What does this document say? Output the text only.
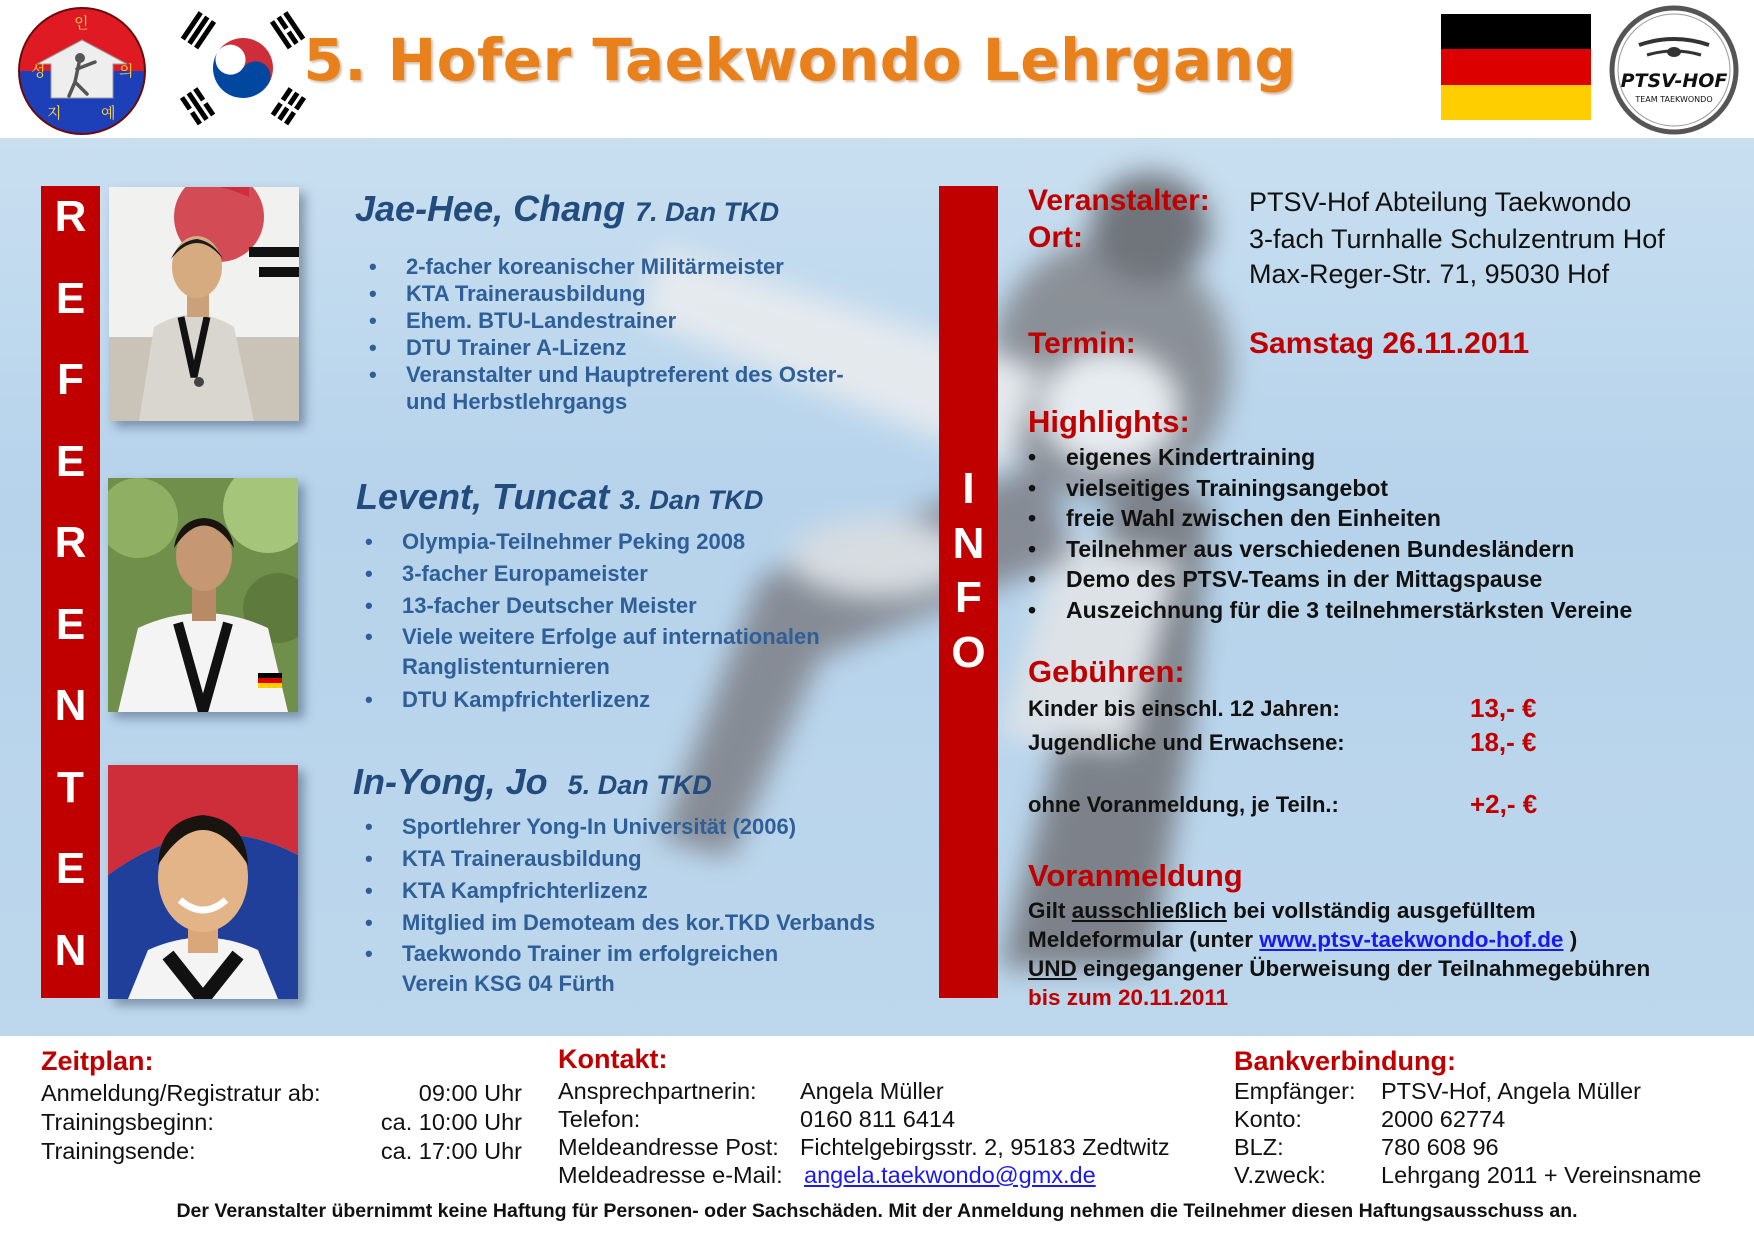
성
인
의
지	예
5. Hofer Taekwondo Lehrgang	PTSV-HOF
TEAM TAEKWONDO
R
E
F
E
R
E
N
T
E
N
I
N
F
O
Jae-Hee, Chang 7. Dan TKD
• 2-facher koreanischer Militärmeister
• KTA Trainerausbildung
• Ehem. BTU-Landestrainer
• DTU Trainer A-Lizenz
• Veranstalter und Hauptreferent des Oster-
und Herbstlehrgangs
Levent, Tuncat 3. Dan TKD
• Olympia-Teilnehmer Peking 2008
• 3-facher Europameister
• 13-facher Deutscher Meister
• Viele weitere Erfolge auf internationalen
Ranglistenturnieren
• DTU Kampfrichterlizenz
In-Yong, Jo 5. Dan TKD
• Sportlehrer Yong-In Universität (2006)
• KTA Trainerausbildung
• KTA Kampfrichterlizenz
• Mitglied im Demoteam des kor.TKD Verbands
• Taekwondo Trainer im erfolgreichen
Verein KSG 04 Fürth
Veranstalter: PTSV-Hof Abteilung Taekwondo
Ort:	3-fach Turnhalle Schulzentrum Hof
Max-Reger-Str. 71, 95030 Hof
Termin:	Samstag 26.11.2011
Highlights:
• eigenes Kindertraining
• vielseitiges Trainingsangebot
• freie Wahl zwischen den Einheiten
• Teilnehmer aus verschiedenen Bundesländern
• Demo des PTSV-Teams in der Mittagspause
• Auszeichnung für die 3 teilnehmerstärksten Vereine
Gebühren:
Kinder bis einschl. 12 Jahren:	13,- €
Jugendliche und Erwachsene:	18,- €
ohne Voranmeldung, je Teiln.:	+2,- €
Voranmeldung
Gilt ausschließlich bei vollständig ausgefülltem
Meldeformular (unter www.ptsv-taekwondo-hof.de )
UND eingegangener Überweisung der Teilnahmegebühren
bis zum 20.11.2011
Zeitplan:
Anmeldung/Registratur ab:	09:00 Uhr
Trainingsbeginn:	ca. 10:00 Uhr
Trainingsende:	ca. 17:00 Uhr
Kontakt:
Ansprechpartnerin: Angela Müller
Telefon:	0160 811 6414
Meldeandresse Post: Fichtelgebirgsstr. 2, 95183 Zedtwitz
Meldeadresse e-Mail: angela.taekwondo@gmx.de
Bankverbindung:
Empfänger: PTSV-Hof, Angela Müller
Konto:	2000 62774
BLZ:	780 608 96
V.zweck: Lehrgang 2011 + Vereinsname
Der Veranstalter übernimmt keine Haftung für Personen- oder Sachschäden. Mit der Anmeldung nehmen die Teilnehmer diesen Haftungsausschuss an.
